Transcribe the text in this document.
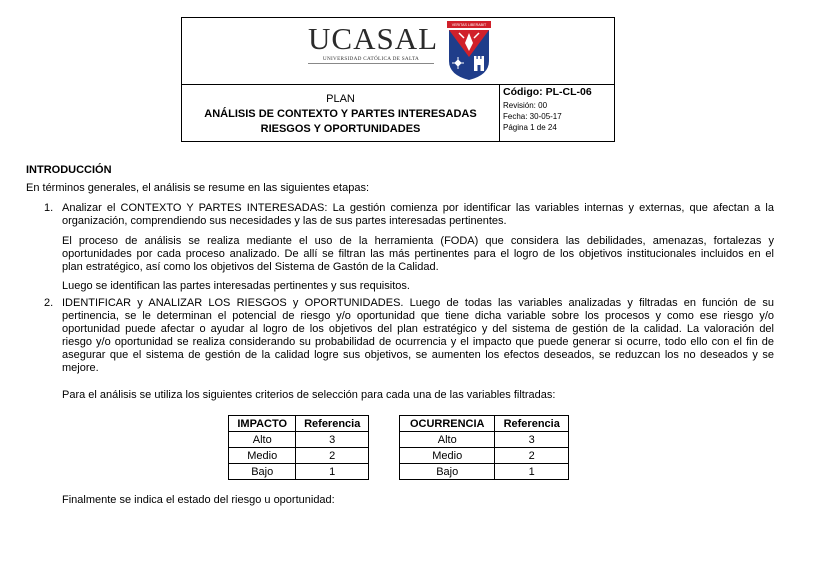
UCASAL
UNIVERSIDAD CATÓLICA DE SALTA
VERITAS LIBERABIT
PLAN
ANÁLISIS DE CONTEXTO Y PARTES INTERESADAS
RIESGOS Y OPORTUNIDADES
Código: PL-CL-06
Revisión: 00
Fecha: 30-05-17
Página 1 de 24
INTRODUCCIÓN
En términos generales, el análisis se resume en las siguientes etapas:
1. Analizar el CONTEXTO Y PARTES INTERESADAS: La gestión comienza por identificar las variables internas y externas, que afectan a la
organización, comprendiendo sus necesidades y las de sus partes interesadas pertinentes.
El proceso de análisis se realiza mediante el uso de la herramienta (FODA) que considera las debilidades, amenazas, fortalezas y
oportunidades por cada proceso analizado. De allí se filtran las más pertinentes para el logro de los objetivos institucionales incluidos en el
plan estratégico, así como los objetivos del Sistema de Gastón de la Calidad.
Luego se identifican las partes interesadas pertinentes y sus requisitos.
2. IDENTIFICAR y ANALIZAR LOS RIESGOS y OPORTUNIDADES. Luego de todas las variables analizadas y filtradas en función de su
pertinencia, se le determinan el potencial de riesgo y/o oportunidad que tiene dicha variable sobre los procesos y como ese riesgo y/o
oportunidad puede afectar o ayudar al logro de los objetivos del plan estratégico y del sistema de gestión de la calidad. La valoración del
riesgo y/o oportunidad se realiza considerando su probabilidad de ocurrencia y el impacto que puede generar si ocurre, todo ello con el fin de
asegurar que el sistema de gestión de la calidad logre sus objetivos, se aumenten los efectos deseados, se reduzcan los no deseados y se
mejore.
Para el análisis se utiliza los siguientes criterios de selección para cada una de las variables filtradas:
IMPACTO	Referencia
Alto	3
Medio	2
Bajo	1
OCURRENCIA	Referencia
Alto	3
Medio	2
Bajo	1
Finalmente se indica el estado del riesgo u oportunidad:
